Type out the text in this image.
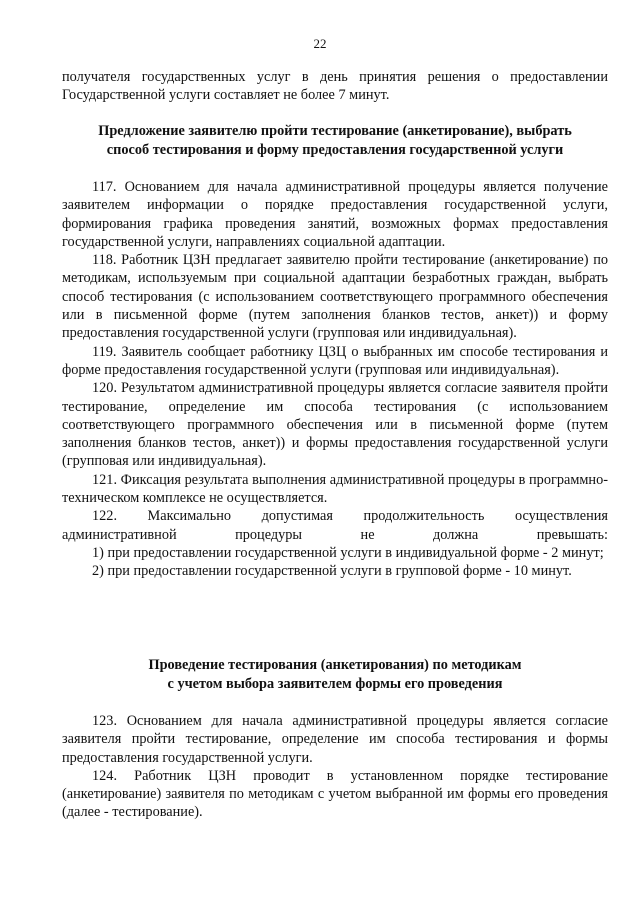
22

получателя государственных услуг в день принятия решения о предоставлении Государственной услуги составляет не более 7 минут.

Предложение заявителю пройти тестирование (анкетирование), выбрать способ тестирования и форму предоставления государственной услуги

117. Основанием для начала административной процедуры является получение заявителем информации о порядке предоставления государственной услуги, формирования графика проведения занятий, возможных формах предоставления государственной услуги, направлениях социальной адаптации.

118. Работник ЦЗН предлагает заявителю пройти тестирование (анкетирование) по методикам, используемым при социальной адаптации безработных граждан, выбрать способ тестирования (с использованием соответствующего программного обеспечения или в письменной форме (путем заполнения бланков тестов, анкет)) и форму предоставления государственной услуги (групповая или индивидуальная).

119. Заявитель сообщает работнику ЦЗЦ о выбранных им способе тестирования и форме предоставления государственной услуги (групповая или индивидуальная).

120. Результатом административной процедуры является согласие заявителя пройти тестирование, определение им способа тестирования (с использованием соответствующего программного обеспечения или в письменной форме (путем заполнения бланков тестов, анкет)) и формы предоставления государственной услуги (групповая или индивидуальная).

121. Фиксация результата выполнения административной процедуры в программно-техническом комплексе не осуществляется.

122. Максимально допустимая продолжительность осуществления административной процедуры не должна превышать:

1) при предоставлении государственной услуги в индивидуальной форме - 2 минут;

2) при предоставлении государственной услуги в групповой форме - 10 минут.

Проведение тестирования (анкетирования) по методикам
с учетом выбора заявителем формы его проведения

123. Основанием для начала административной процедуры является согласие заявителя пройти тестирование, определение им способа тестирования и формы предоставления государственной услуги.

124. Работник ЦЗН проводит в установленном порядке тестирование (анкетирование) заявителя по методикам с учетом выбранной им формы его проведения (далее - тестирование).
